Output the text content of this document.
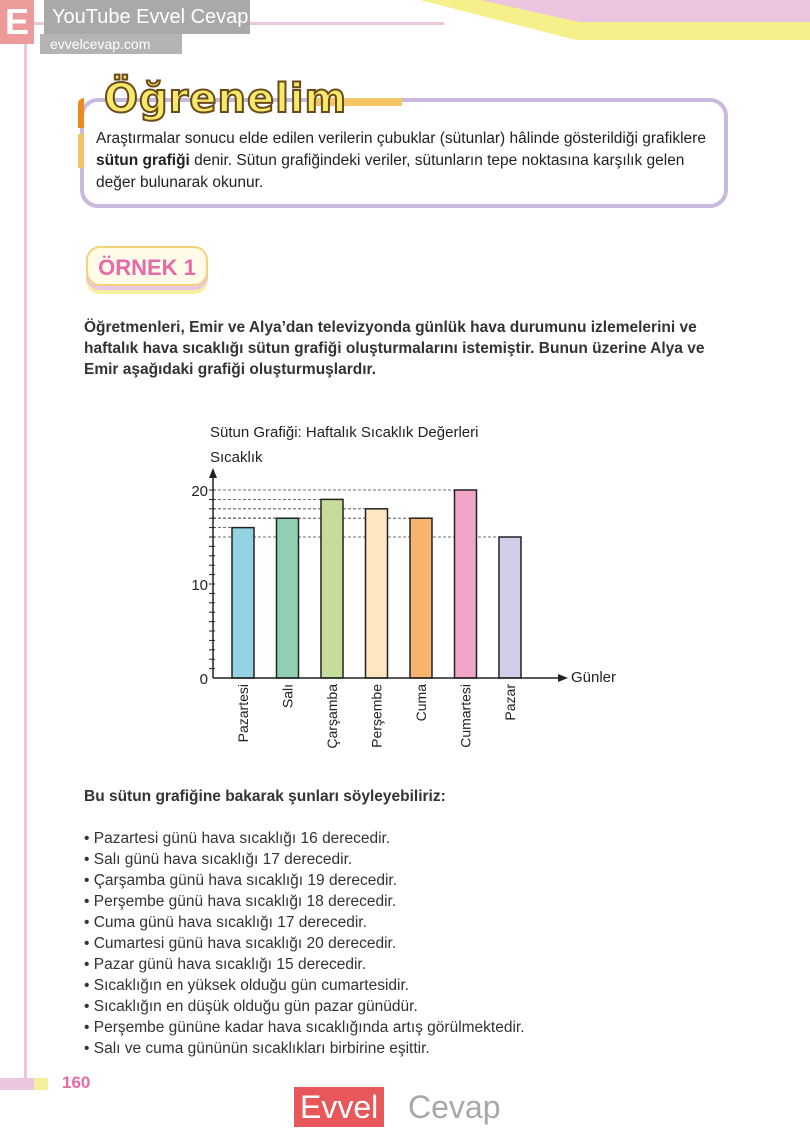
E	YouTube Evvel Cevap
evvelcevap.com
Öğrenelim
Araştırmalar sonucu elde edilen verilerin çubuklar (sütunlar) hâlinde gösterildiği grafiklere sütun grafiği denir. Sütun grafiğindeki veriler, sütunların tepe noktasına karşılık gelen değer bulunarak okunur.
ÖRNEK 1
Öğretmenleri, Emir ve Alya’dan televizyonda günlük hava durumunu izlemelerini ve haftalık hava sıcaklığı sütun grafiği oluşturmalarını istemiştir. Bunun üzerine Alya ve Emir aşağıdaki grafiği oluşturmuşlardır.
Sütun Grafiği: Haftalık Sıcaklık Değerleri
Sıcaklık
Günler
Pazartesi Salı Çarşamba Perşembe Cuma Cumartesi Pazar
0
10
20
Bu sütun grafiğine bakarak şunları söyleyebiliriz:
• Pazartesi günü hava sıcaklığı 16 derecedir.
• Salı günü hava sıcaklığı 17 derecedir.
• Çarşamba günü hava sıcaklığı 19 derecedir.
• Perşembe günü hava sıcaklığı 18 derecedir.
• Cuma günü hava sıcaklığı 17 derecedir.
• Cumartesi günü hava sıcaklığı 20 derecedir.
• Pazar günü hava sıcaklığı 15 derecedir.
• Sıcaklığın en yüksek olduğu gün cumartesidir.
• Sıcaklığın en düşük olduğu gün pazar günüdür.
• Perşembe gününe kadar hava sıcaklığında artış görülmektedir.
• Salı ve cuma gününün sıcaklıkları birbirine eşittir.
160
Evvel Cevap
